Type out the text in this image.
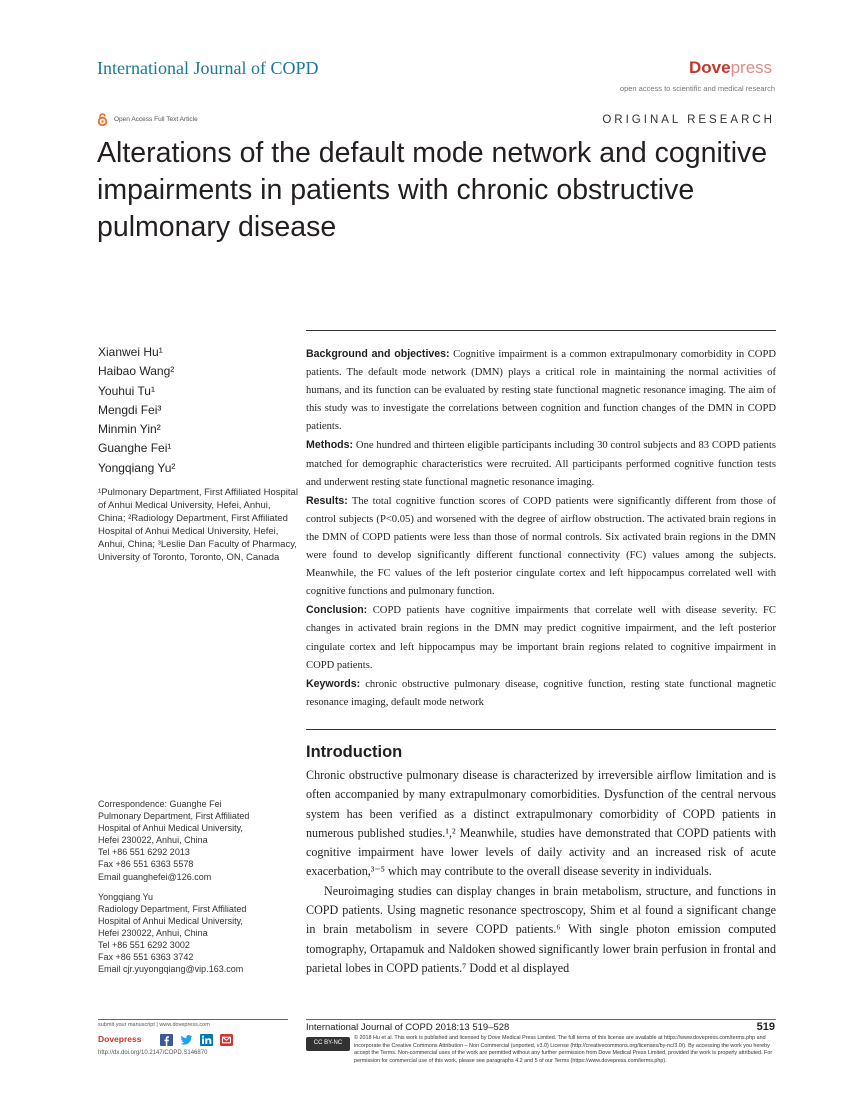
International Journal of COPD	Dovepress
open access to scientific and medical research
Open Access Full Text Article	ORIGINAL RESEARCH
Alterations of the default mode network and cognitive impairments in patients with chronic obstructive pulmonary disease
Xianwei Hu¹
Haibao Wang²
Youhui Tu¹
Mengdi Fei³
Minmin Yin²
Guanghe Fei¹
Yongqiang Yu²
¹Pulmonary Department, First Affiliated Hospital of Anhui Medical University, Hefei, Anhui, China; ²Radiology Department, First Affiliated Hospital of Anhui Medical University, Hefei, Anhui, China; ³Leslie Dan Faculty of Pharmacy, University of Toronto, Toronto, ON, Canada
Correspondence: Guanghe Fei
Pulmonary Department, First Affiliated
Hospital of Anhui Medical University,
Hefei 230022, Anhui, China
Tel +86 551 6292 2013
Fax +86 551 6363 5578
Email guanghefei@126.com
Yongqiang Yu
Radiology Department, First Affiliated
Hospital of Anhui Medical University,
Hefei 230022, Anhui, China
Tel +86 551 6292 3002
Fax +86 551 6363 3742
Email cjr.yuyongqiang@vip.163.com

Background and objectives: Cognitive impairment is a common extrapulmonary comorbidity in COPD patients. The default mode network (DMN) plays a critical role in maintaining the normal activities of humans, and its function can be evaluated by resting state functional magnetic resonance imaging. The aim of this study was to investigate the correlations between cognition and function changes of the DMN in COPD patients.

Methods: One hundred and thirteen eligible participants including 30 control subjects and 83 COPD patients matched for demographic characteristics were recruited. All participants performed cognitive function tests and underwent resting state functional magnetic resonance imaging.

Results: The total cognitive function scores of COPD patients were significantly different from those of control subjects (P<0.05) and worsened with the degree of airflow obstruction. The activated brain regions in the DMN of COPD patients were less than those of normal controls. Six activated brain regions in the DMN were found to develop significantly different functional connectivity (FC) values among the subjects. Meanwhile, the FC values of the left posterior cingulate cortex and left hippocampus correlated well with cognitive functions and pulmonary function.

Conclusion: COPD patients have cognitive impairments that correlate well with disease severity. FC changes in activated brain regions in the DMN may predict cognitive impairment, and the left posterior cingulate cortex and left hippocampus may be important brain regions related to cognitive impairment in COPD patients.

Keywords: chronic obstructive pulmonary disease, cognitive function, resting state functional magnetic resonance imaging, default mode network

Introduction

Chronic obstructive pulmonary disease is characterized by irreversible airflow limitation and is often accompanied by many extrapulmonary comorbidities. Dysfunction of the central nervous system has been verified as a distinct extrapulmonary comorbidity of COPD patients in numerous published studies.¹,² Meanwhile, studies have demonstrated that COPD patients with cognitive impairment have lower levels of daily activity and an increased risk of acute exacerbation,³⁻⁵ which may contribute to the overall disease severity in individuals.

Neuroimaging studies can display changes in brain metabolism, structure, and functions in COPD patients. Using magnetic resonance spectroscopy, Shim et al found a significant change in brain metabolism in severe COPD patients.⁶ With single photon emission computed tomography, Ortapamuk and Naldoken showed significantly lower brain perfusion in frontal and parietal lobes in COPD patients.⁷ Dodd et al displayed

submit your manuscript | www.dovepress.com
Dovepress
http://dx.doi.org/10.2147/COPD.S146870
International Journal of COPD 2018:13 519–528	519
CC BY-NC
© 2018 Hu et al. This work is published and licensed by Dove Medical Press Limited. The full terms of this license are available at https://www.dovepress.com/terms.php and incorporate the Creative Commons Attribution – Non Commercial (unported, v3.0) License (http://creativecommons.org/licenses/by-nc/3.0/). By accessing the work you hereby accept the Terms. Non-commercial uses of the work are permitted without any further permission from Dove Medical Press Limited, provided the work is properly attributed. For permission for commercial use of this work, please see paragraphs 4.2 and 5 of our Terms (https://www.dovepress.com/terms.php).
